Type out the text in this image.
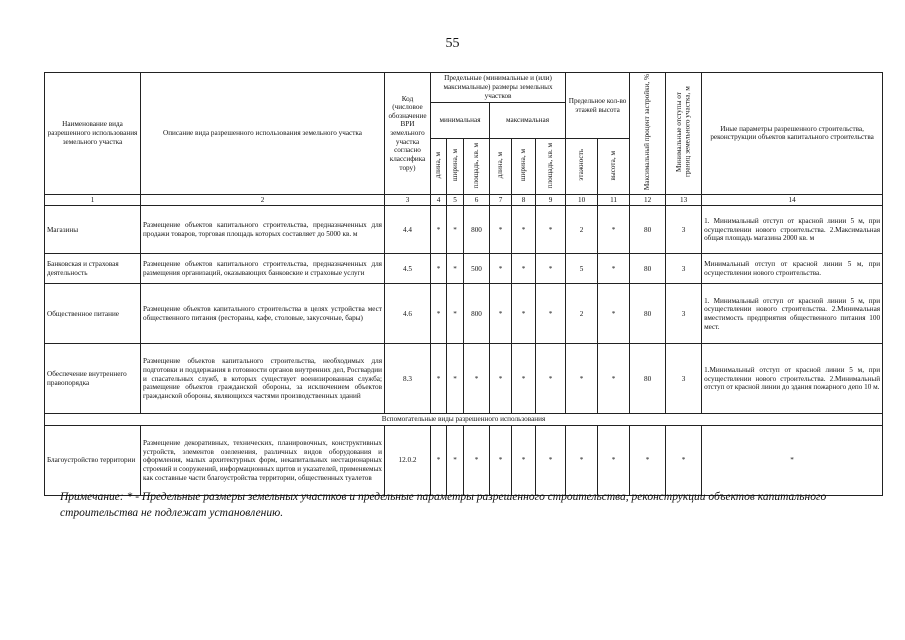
55
Наименование вида разрешенного использования земельного участка	Описание вида разрешенного использования земельного участка	Код (числовое обозначение ВРИ земельного участка согласно классифика тору)	Предельные (минимальные и (или) максимальные) размеры земельных участков						Предельное кол-во этажей высота		Максимальный процент застройки, %	Минимальные отступы от границ земельного участка, м	Иные параметры разрешенного строительства, реконструкции объектов капитального строительства
			минимальная			максимальная							
			длина, м	ширина, м	площадь, кв. м	длина, м	ширина, м	площадь, кв. м	этажность	высота, м			
1	2	3	4	5	6	7	8	9	10	11	12	13	14
Магазины	Размещение объектов капитального строительства, предназначенных для продажи товаров, торговая площадь которых составляет до 5000 кв. м	4.4	*	*	800	*	*	*	2	*	80	3	1. Минимальный отступ от красной линии 5 м, при осуществлении нового строительства. 2.Максимальная общая площадь магазина 2000 кв. м
Банковская и страховая деятельность	Размещение объектов капитального строительства, предназначенных для размещения организаций, оказывающих банковские и страховые услуги	4.5	*	*	500	*	*	*	5	*	80	3	Минимальный отступ от красной линии 5 м, при осуществлении нового строительства.
Общественное питание	Размещение объектов капитального строительства в целях устройства мест общественного питания (рестораны, кафе, столовые, закусочные, бары)	4.6	*	*	800	*	*	*	2	*	80	3	1. Минимальный отступ от красной линии 5 м, при осуществлении нового строительства. 2.Минимальная вместимость предприятия общественного питания 100 мест.
Обеспечение внутреннего правопорядка	Размещение объектов капитального строительства, необходимых для подготовки и поддержания в готовности органов внутренних дел, Росгвардии и спасательных служб, в которых существует военизированная служба; размещение объектов гражданской обороны, за исключением объектов гражданской обороны, являющихся частями производственных зданий	8.3	*	*	*	*	*	*	*	*	80	3	1.Минимальный отступ от красной линии 5 м, при осуществлении нового строительства. 2.Минимальный отступ от красной линии до здания пожарного депо 10 м.
Вспомогательные виды разрешенного использования													
Благоустройство территории	Размещение декоративных, технических, планировочных, конструктивных устройств, элементов озеленения, различных видов оборудования и оформления, малых архитектурных форм, некапитальных нестационарных строений и сооружений, информационных щитов и указателей, применяемых как составные части благоустройства территории, общественных туалетов	12.0.2	*	*	*	*	*	*	*	*	*	*	*
Примечание: * - Предельные размеры земельных участков и предельные параметры разрешенного строительства, реконструкции объектов капитального строительства не подлежат установлению.
